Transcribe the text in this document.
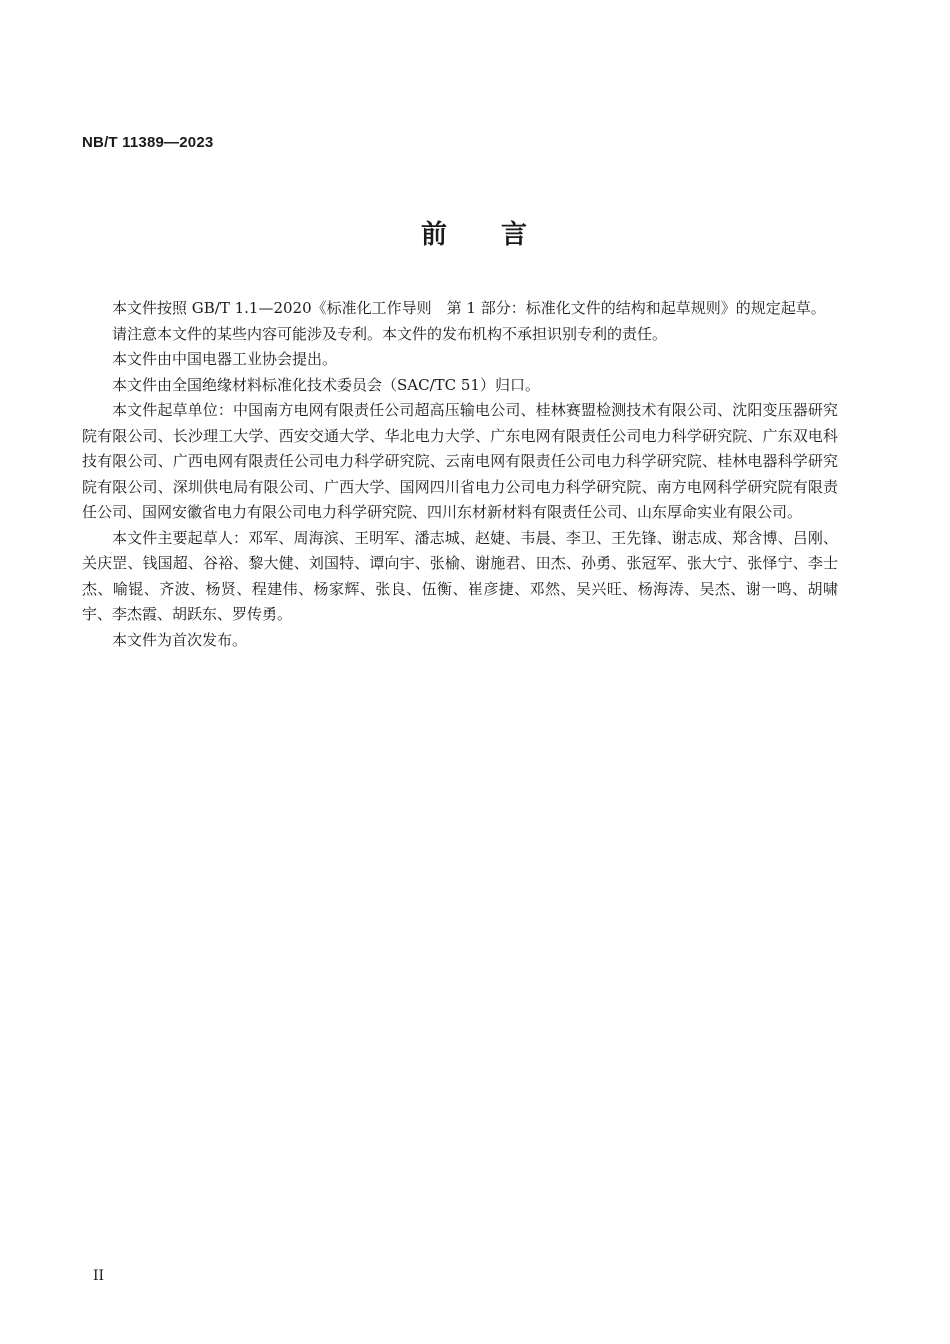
NB/T 11389—2023
前 言

本文件按照 GB/T 1.1—2020《标准化工作导则　第 1 部分：标准化文件的结构和起草规则》的规定起草。

请注意本文件的某些内容可能涉及专利。本文件的发布机构不承担识别专利的责任。

本文件由中国电器工业协会提出。

本文件由全国绝缘材料标准化技术委员会（SAC/TC 51）归口。

本文件起草单位：中国南方电网有限责任公司超高压输电公司、桂林赛盟检测技术有限公司、沈阳变压器研究院有限公司、长沙理工大学、西安交通大学、华北电力大学、广东电网有限责任公司电力科学研究院、广东双电科技有限公司、广西电网有限责任公司电力科学研究院、云南电网有限责任公司电力科学研究院、桂林电器科学研究院有限公司、深圳供电局有限公司、广西大学、国网四川省电力公司电力科学研究院、南方电网科学研究院有限责任公司、国网安徽省电力有限公司电力科学研究院、四川东材新材料有限责任公司、山东厚命实业有限公司。

本文件主要起草人：邓军、周海滨、王明军、潘志城、赵婕、韦晨、李卫、王先锋、谢志成、郑含博、吕刚、关庆罡、钱国超、谷裕、黎大健、刘国特、谭向宇、张榆、谢施君、田杰、孙勇、张冠军、张大宁、张怿宁、李士杰、喻锟、齐波、杨贤、程建伟、杨家辉、张良、伍衡、崔彦捷、邓然、吴兴旺、杨海涛、吴杰、谢一鸣、胡啸宇、李杰霞、胡跃东、罗传勇。

本文件为首次发布。

II
